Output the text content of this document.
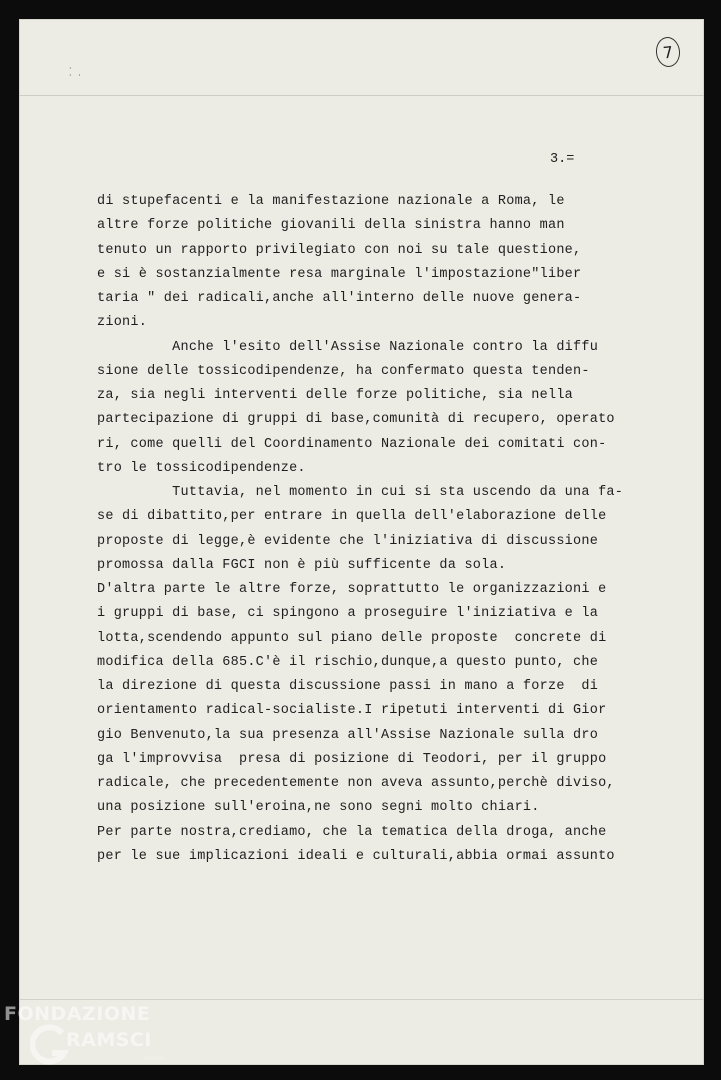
·
· ·
7
3.=
di stupefacenti e la manifestazione nazionale a Roma, le
altre forze politiche giovanili della sinistra hanno man
tenuto un rapporto privilegiato con noi su tale questione,
e si è sostanzialmente resa marginale l'impostazione"liber
taria " dei radicali,anche all'interno delle nuove genera-
zioni.
Anche l'esito dell'Assise Nazionale contro la diffu
sione delle tossicodipendenze, ha confermato questa tenden-
za, sia negli interventi delle forze politiche, sia nella
partecipazione di gruppi di base,comunità di recupero, operato
ri, come quelli del Coordinamento Nazionale dei comitati con-
tro le tossicodipendenze.
Tuttavia, nel momento in cui si sta uscendo da una fa-
se di dibattito,per entrare in quella dell'elaborazione delle
proposte di legge,è evidente che l'iniziativa di discussione
promossa dalla FGCI non è più sufficente da sola.
D'altra parte le altre forze, soprattutto le organizzazioni e
i gruppi di base, ci spingono a proseguire l'iniziativa e la
lotta,scendendo appunto sul piano delle proposte  concrete di
modifica della 685.C'è il rischio,dunque,a questo punto, che
la direzione di questa discussione passi in mano a forze  di
orientamento radical-socialiste.I ripetuti interventi di Gior
gio Benvenuto,la sua presenza all'Assise Nazionale sulla dro
ga l'improvvisa  presa di posizione di Teodori, per il gruppo
radicale, che precedentemente non aveva assunto,perchè diviso,
una posizione sull'eroina,ne sono segni molto chiari.
Per parte nostra,crediamo, che la tematica della droga, anche
per le sue implicazioni ideali e culturali,abbia ormai assunto
FONDAZIONE
RAMSCI
onlus
